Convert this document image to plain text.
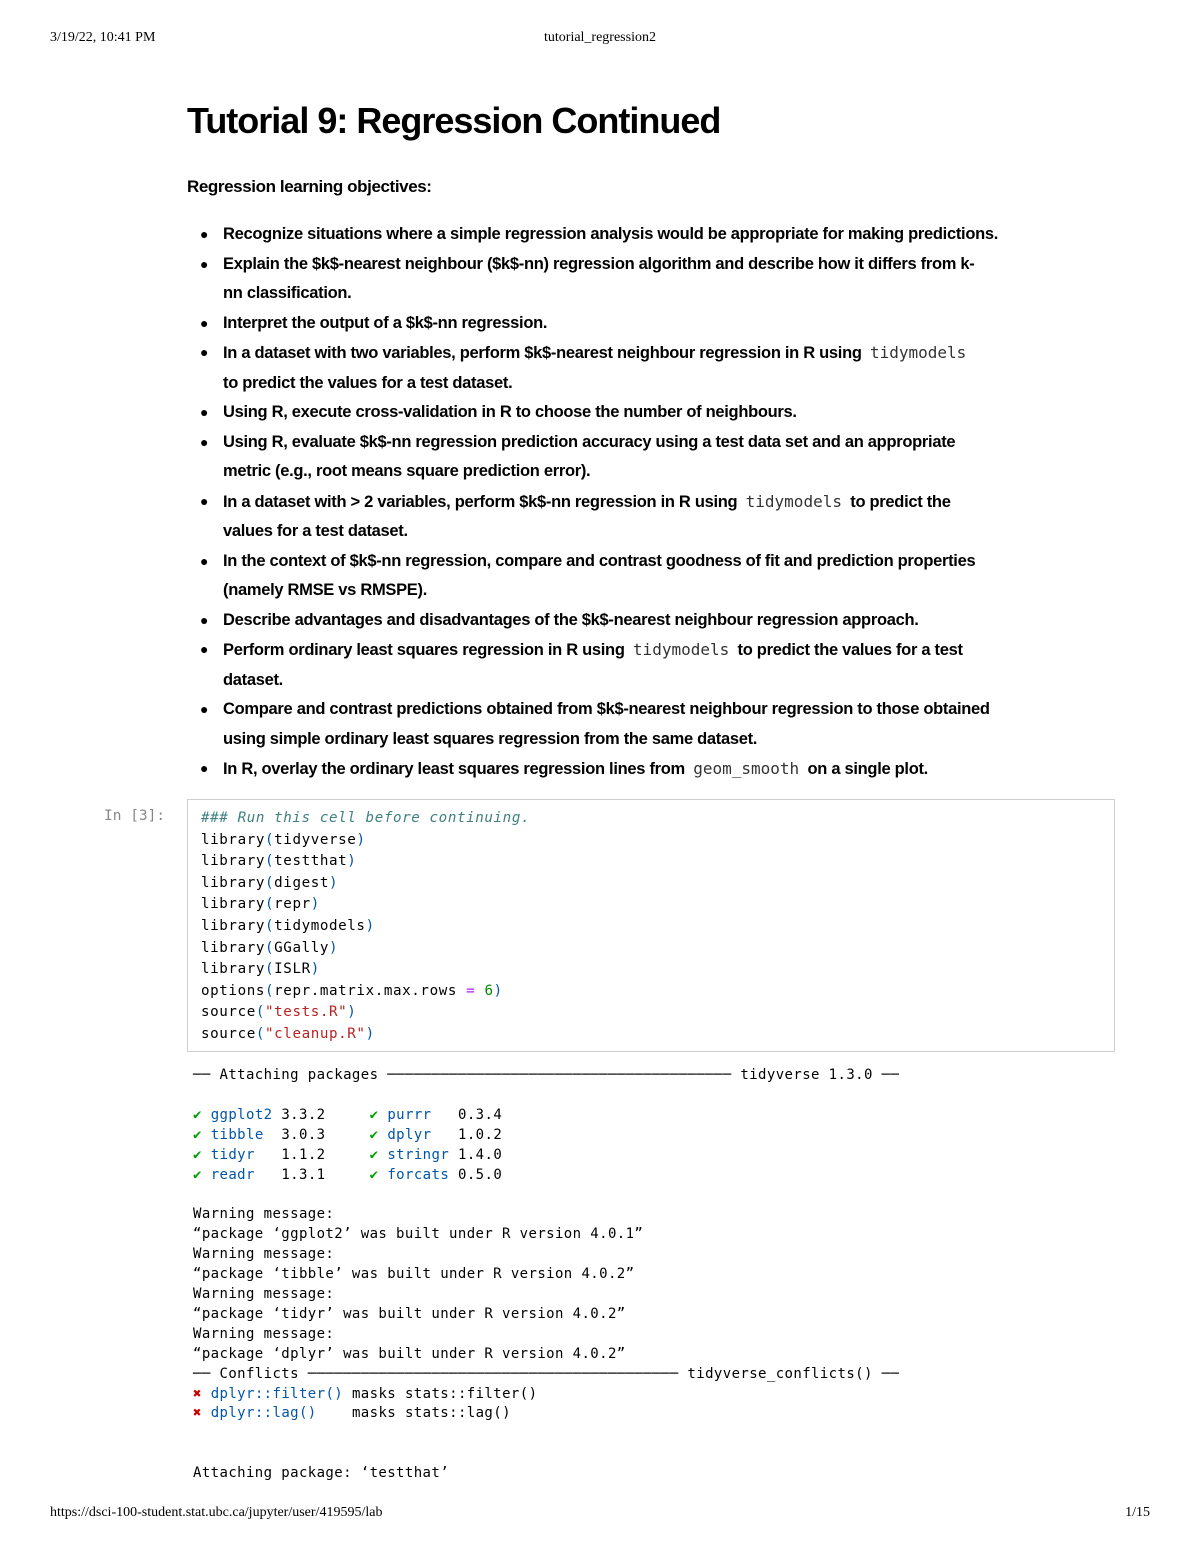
3/19/22, 10:41 PM	tutorial_regression2
Tutorial 9: Regression Continued
Regression learning objectives:
● Recognize situations where a simple regression analysis would be appropriate for making predictions.
● Explain the $k$-nearest neighbour ($k$-nn) regression algorithm and describe how it differs from k-
nn classification.
● Interpret the output of a $k$-nn regression.
● In a dataset with two variables, perform $k$-nearest neighbour regression in R using tidymodels
to predict the values for a test dataset.
● Using R, execute cross-validation in R to choose the number of neighbours.
● Using R, evaluate $k$-nn regression prediction accuracy using a test data set and an appropriate
metric (e.g., root means square prediction error).
● In a dataset with > 2 variables, perform $k$-nn regression in R using tidymodels to predict the
values for a test dataset.
● In the context of $k$-nn regression, compare and contrast goodness of fit and prediction properties
(namely RMSE vs RMSPE).
● Describe advantages and disadvantages of the $k$-nearest neighbour regression approach.
● Perform ordinary least squares regression in R using tidymodels to predict the values for a test
dataset.
● Compare and contrast predictions obtained from $k$-nearest neighbour regression to those obtained
using simple ordinary least squares regression from the same dataset.
● In R, overlay the ordinary least squares regression lines from geom_smooth on a single plot.
In [3]:	### Run this cell before continuing.
library(tidyverse)
library(testthat)
library(digest)
library(repr)
library(tidymodels)
library(GGally)
library(ISLR)
options(repr.matrix.max.rows = 6)
source("tests.R")
source("cleanup.R")
── Attaching packages ─────────────────────────────────────── tidyverse 1.3.0 ──

✔ ggplot2 3.3.2	✔ purrr 0.3.4
✔ tibble 3.0.3	✔ dplyr 1.0.2
✔ tidyr 1.1.2	✔ stringr 1.4.0
✔ readr 1.3.1	✔ forcats 0.5.0

Warning message:
“package ‘ggplot2’ was built under R version 4.0.1”
Warning message:
“package ‘tibble’ was built under R version 4.0.2”
Warning message:
“package ‘tidyr’ was built under R version 4.0.2”
Warning message:
“package ‘dplyr’ was built under R version 4.0.2”
── Conflicts ────────────────────────────────────────── tidyverse_conflicts() ──
✖ dplyr::filter() masks stats::filter()
✖ dplyr::lag()	masks stats::lag()

Attaching package: ‘testthat’
https://dsci-100-student.stat.ubc.ca/jupyter/user/419595/lab	1/15
